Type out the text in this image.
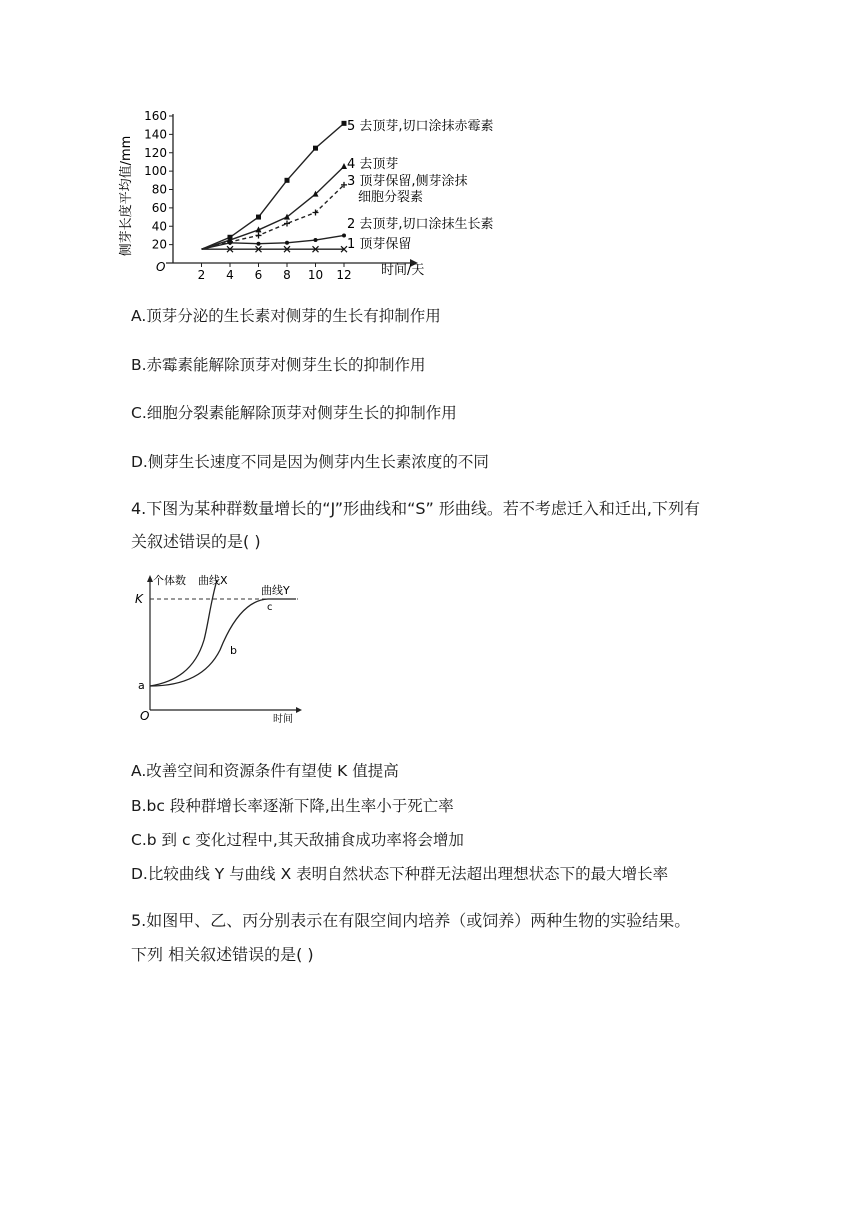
侧芽长度平均值/mm 20
40
60
80
100
120
140
160
2 4 6 8 10 12
O	时间/天
5 去顶芽,切口涂抹赤霉素
4 去顶芽
3 顶芽保留,侧芽涂抹
细胞分裂素
2 去顶芽,切口涂抹生长素
1 顶芽保留
A.顶芽分泌的生长素对侧芽的生长有抑制作用
B.赤霉素能解除顶芽对侧芽生长的抑制作用
C.细胞分裂素能解除顶芽对侧芽生长的抑制作用
D.侧芽生长速度不同是因为侧芽内生长素浓度的不同
4.下图为某种群数量增长的“J”形曲线和“S” 形曲线。若不考虑迁入和迁出,下列有
关叙述错误的是( )
个体数 曲线X
曲线Y
K
a
b
c
O	时间
A.改善空间和资源条件有望使 K 值提高
B.bc 段种群增长率逐渐下降,出生率小于死亡率
C.b 到 c 变化过程中,其天敌捕食成功率将会增加
D.比较曲线 Y 与曲线 X 表明自然状态下种群无法超出理想状态下的最大增长率
5.如图甲、乙、丙分别表示在有限空间内培养（或饲养）两种生物的实验结果。
下列 相关叙述错误的是( )
